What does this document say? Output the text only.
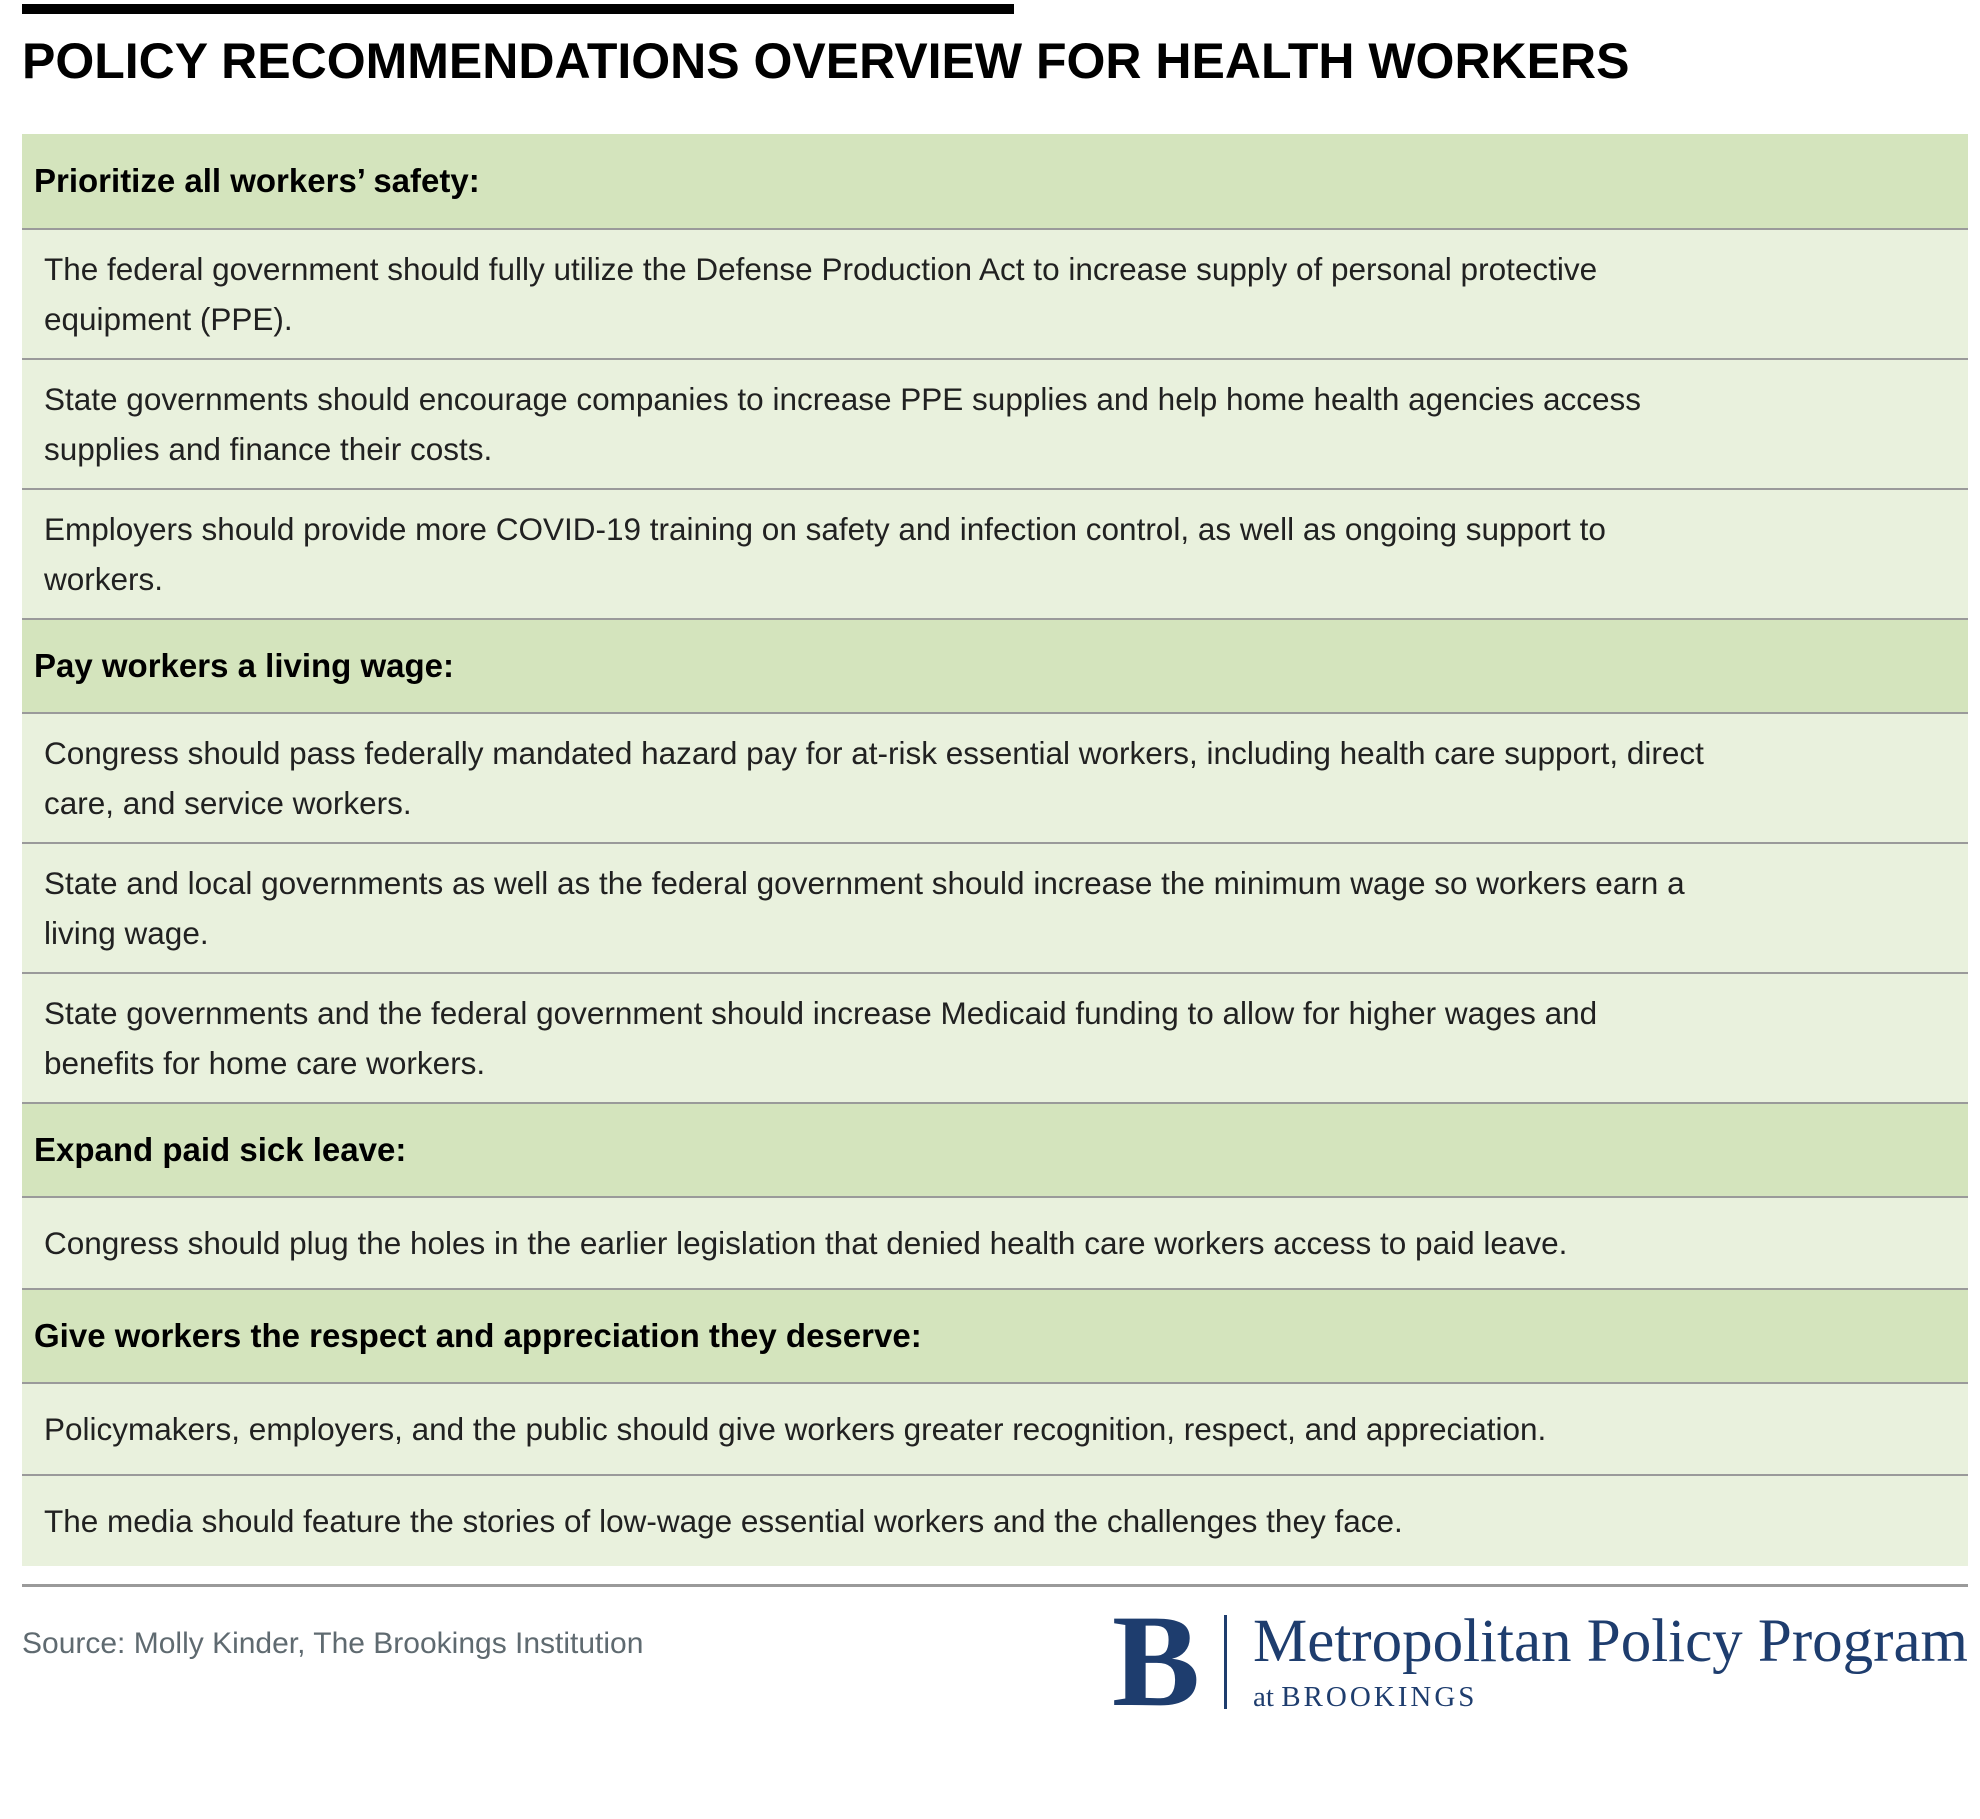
POLICY RECOMMENDATIONS OVERVIEW FOR HEALTH WORKERS
Prioritize all workers’ safety:
The federal government should fully utilize the Defense Production Act to increase supply of personal protective equipment (PPE).
State governments should encourage companies to increase PPE supplies and help home health agencies access supplies and finance their costs.
Employers should provide more COVID-19 training on safety and infection control, as well as ongoing support to workers.
Pay workers a living wage:
Congress should pass federally mandated hazard pay for at-risk essential workers, including health care support, direct care, and service workers.
State and local governments as well as the federal government should increase the minimum wage so workers earn a living wage.
State governments and the federal government should increase Medicaid funding to allow for higher wages and benefits for home care workers.
Expand paid sick leave:
Congress should plug the holes in the earlier legislation that denied health care workers access to paid leave.
Give workers the respect and appreciation they deserve:
Policymakers, employers, and the public should give workers greater recognition, respect, and appreciation.
The media should feature the stories of low-wage essential workers and the challenges they face.
Source: Molly Kinder, The Brookings Institution	B Metropolitan Policy Program
at BROOKINGS
